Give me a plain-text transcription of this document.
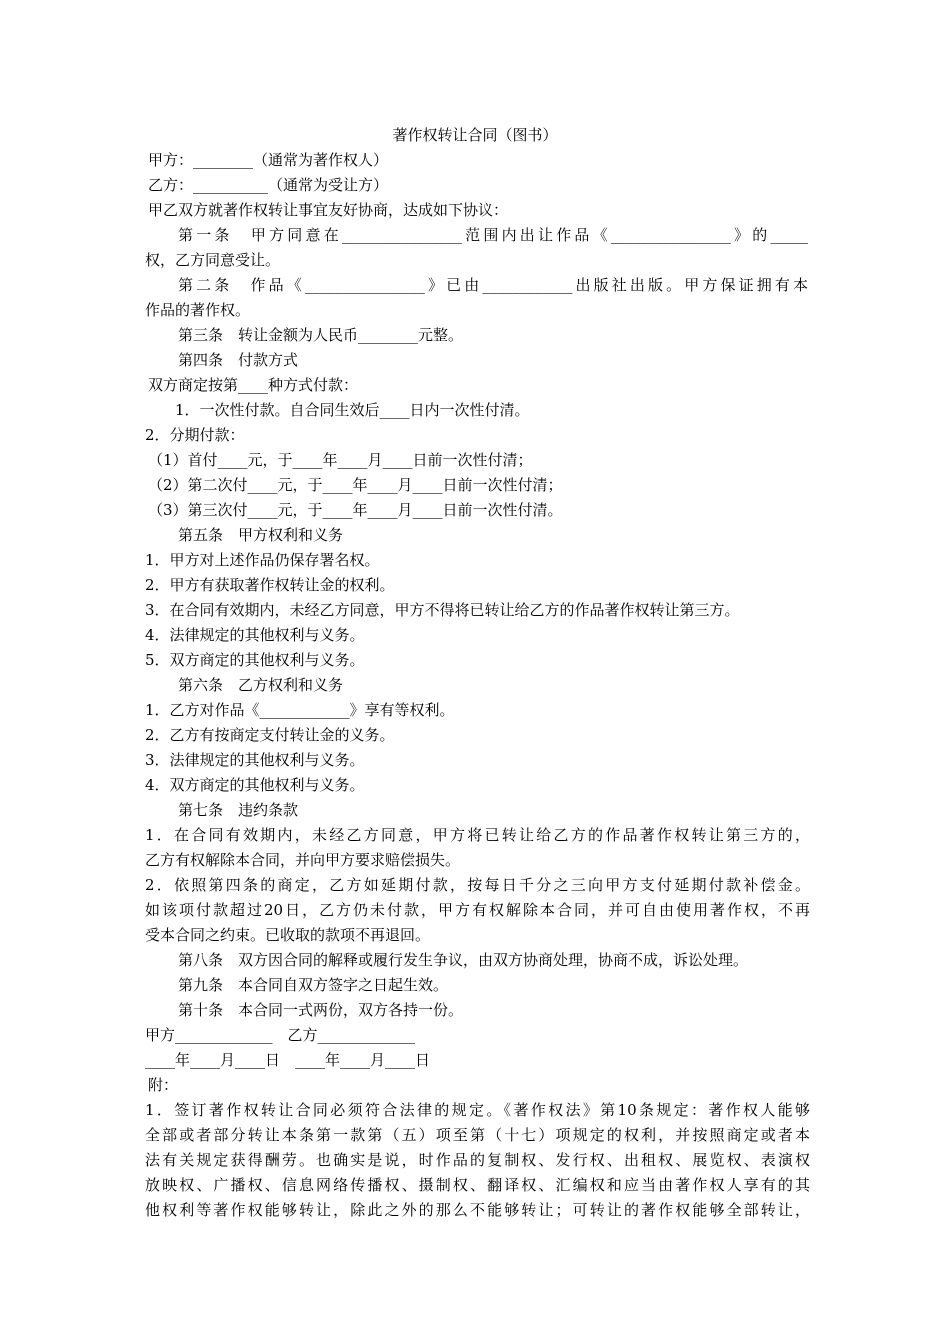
著作权转让合同（图书）
甲方：________（通常为著作权人）
乙方：__________（通常为受让方）
甲乙双方就著作权转让事宜友好协商，达成如下协议：
第一条　甲方同意在________________范围内出让作品《________________》的_____
权，乙方同意受让。
第二条　作品《________________》已由____________出版社出版。甲方保证拥有本
作品的著作权。
第三条　转让金额为人民币________元整。
第四条　付款方式
双方商定按第____种方式付款：
1．一次性付款。自合同生效后____日内一次性付清。
2．分期付款：
（1）首付____元，于____年____月____日前一次性付清；
（2）第二次付____元，于____年____月____日前一次性付清；
（3）第三次付____元，于____年____月____日前一次性付清。
第五条　甲方权利和义务
1．甲方对上述作品仍保存署名权。
2．甲方有获取著作权转让金的权利。
3．在合同有效期内，未经乙方同意，甲方不得将已转让给乙方的作品著作权转让第三方。
4．法律规定的其他权利与义务。
5．双方商定的其他权利与义务。
第六条　乙方权利和义务
1．乙方对作品《____________》享有等权利。
2．乙方有按商定支付转让金的义务。
3．法律规定的其他权利与义务。
4．双方商定的其他权利与义务。
第七条　违约条款
1．在合同有效期内，未经乙方同意，甲方将已转让给乙方的作品著作权转让第三方的，
乙方有权解除本合同，并向甲方要求赔偿损失。
2．依照第四条的商定，乙方如延期付款，按每日千分之三向甲方支付延期付款补偿金。
如该项付款超过20日，乙方仍未付款，甲方有权解除本合同，并可自由使用著作权，不再
受本合同之约束。已收取的款项不再退回。
第八条　双方因合同的解释或履行发生争议，由双方协商处理，协商不成，诉讼处理。
第九条　本合同自双方签字之日起生效。
第十条　本合同一式两份，双方各持一份。
甲方_____________　乙方_____________
____年____月____日　____年____月____日
附：
1．签订著作权转让合同必须符合法律的规定。《著作权法》第10条规定：著作权人能够
全部或者部分转让本条第一款第（五）项至第（十七）项规定的权利，并按照商定或者本
法有关规定获得酬劳。也确实是说，时作品的复制权、发行权、出租权、展览权、表演权
放映权、广播权、信息网络传播权、摄制权、翻译权、汇编权和应当由著作权人享有的其
他权利等著作权能够转让，除此之外的那么不能够转让；可转让的著作权能够全部转让，
